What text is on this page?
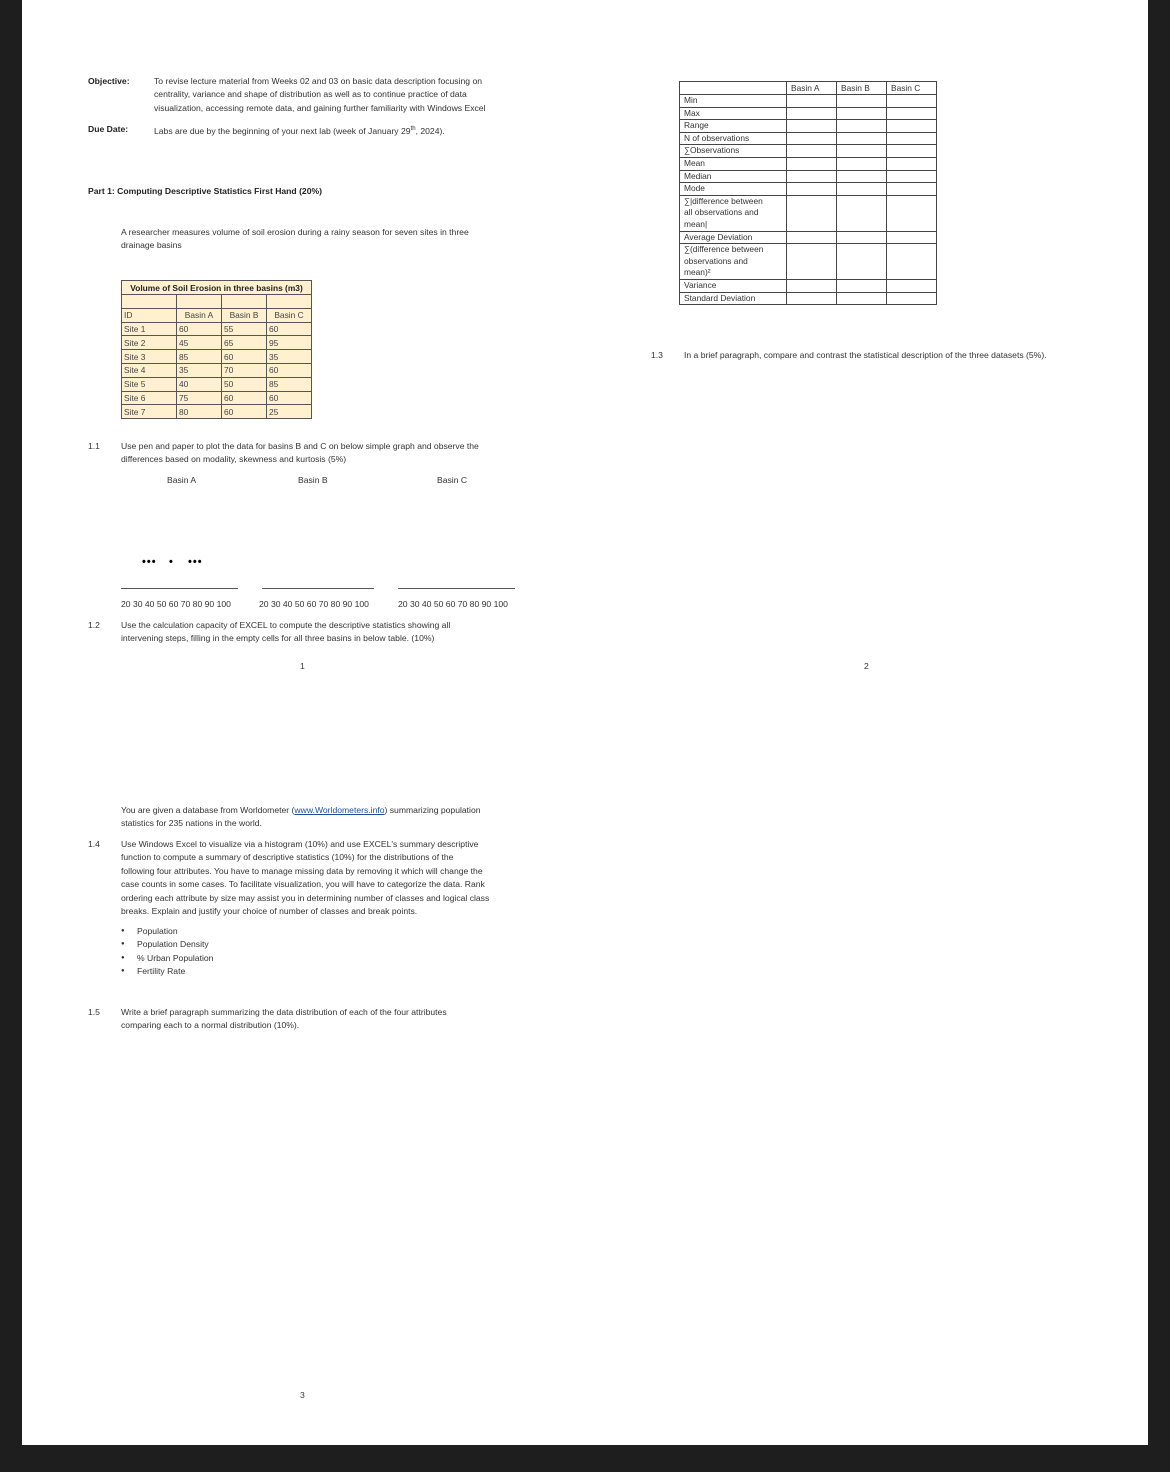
Objective:	To revise lecture material from Weeks 02 and 03 on basic data description focusing on
centrality, variance and shape of distribution as well as to continue practice of data
visualization, accessing remote data, and gaining further familiarity with Windows Excel
Due Date:	Labs are due by the beginning of your next lab (week of January 29th, 2024).
Part 1: Computing Descriptive Statistics First Hand (20%)
A researcher measures volume of soil erosion during a rainy season for seven sites in three
drainage basins
Volume of Soil Erosion in three basins (m3)			

ID	Basin A	Basin B	Basin C
Site 1	60	55	60
Site 2	45	65	95
Site 3	85	60	35
Site 4	35	70	60
Site 5	40	50	85
Site 6	75	60	60
Site 7	80	60	25
1.1 Use pen and paper to plot the data for basins B and C on below simple graph and observe the
differences based on modality, skewness and kurtosis (5%)
Basin A	Basin B	Basin C
••• • •••
20 30 40 50 60 70 80 90 100	20 30 40 50 60 70 80 90 100	20 30 40 50 60 70 80 90 100
1.2 Use the calculation capacity of EXCEL to compute the descriptive statistics showing all
intervening steps, filling in the empty cells for all three basins in below table. (10%)
1
	Basin A	Basin B	Basin C

Min			

Max			

Range			

N of observations			

∑Observations			

Mean			

Median			

Mode			

∑|difference between
all observations and
mean|			

Average Deviation			

∑(difference between
observations and
mean)²			

Variance			

Standard Deviation			

1.3 In a brief paragraph, compare and contrast the statistical description of the three datasets (5%).
2
You are given a database from Worldometer (www.Worldometers.info) summarizing population
statistics for 235 nations in the world.
1.4 Use Windows Excel to visualize via a histogram (10%) and use EXCEL's summary descriptive
function to compute a summary of descriptive statistics (10%) for the distributions of the
following four attributes. You have to manage missing data by removing it which will change the
case counts in some cases. To facilitate visualization, you will have to categorize the data. Rank
ordering each attribute by size may assist you in determining number of classes and logical class
breaks. Explain and justify your choice of number of classes and break points.
● Population
● Population Density
● % Urban Population
● Fertility Rate
1.5 Write a brief paragraph summarizing the data distribution of each of the four attributes
comparing each to a normal distribution (10%).
3
